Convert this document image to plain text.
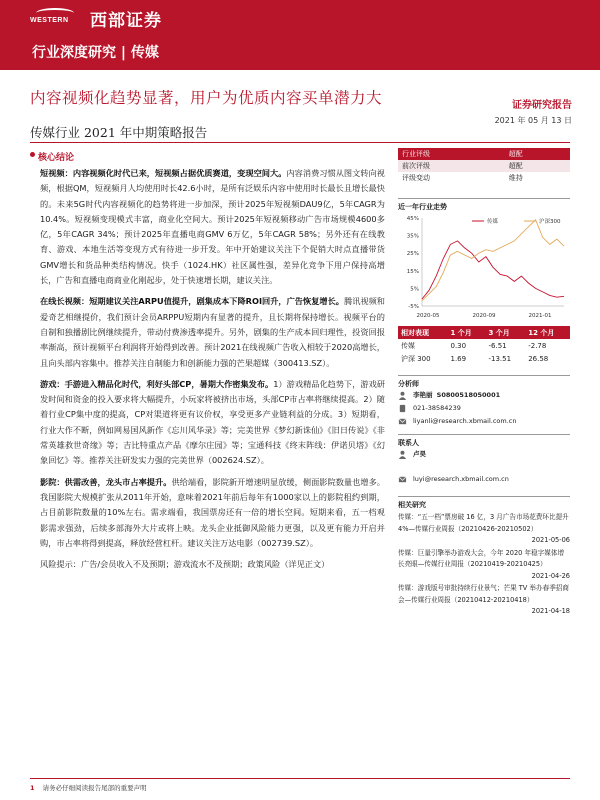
WESTERN 西部证券
行业深度研究 | 传媒
内容视频化趋势显著，用户为优质内容买单潜力大	证券研究报告
2021 年 05 月 13 日
传媒行业 2021 年中期策略报告
核心结论

短视频：内容视频化时代已来，短视频占据优质赛道，变现空间大。内容消费习惯从图文转向视频，根据QM，短视频月人均使用时长42.6小时，是所有泛娱乐内容中使用时长最长且增长最快的。未来5G时代内容视频化的趋势将进一步加深，预计2025年短视频DAU9亿，5年CAGR为10.4%。短视频变现模式丰富，商业化空间大。预计2025年短视频移动广告市场规模4600多亿，5年CAGR 34%；预计2025年直播电商GMV 6万亿，5年CAGR 58%；另外还有在线教育、游戏、本地生活等变现方式有待进一步开发。年中开始建议关注下个促销大时点直播带货GMV增长和货品种类结构情况。快手（1024.HK）社区属性强，差异化竞争下用户保持高增长，广告和直播电商商业化刚起步，处于快速增长期，建议关注。

在线长视频：短期建议关注ARPU值提升，剧集成本下降ROI回升，广告恢复增长。腾讯视频和爱奇艺相继提价，我们预计会员ARPPU短期内有显著的提升，且长期将保持增长。视频平台的自制和独播剧比例继续提升，带动付费渗透率提升。另外，剧集的生产成本回归理性，投资回报率渐高，预计视频平台利润将开始得到改善。预计2021在线视频广告收入相较于2020高增长，且向头部内容集中。推荐关注自制能力和创新能力强的芒果超媒（300413.SZ）。

游戏：手游进入精品化时代，利好头部CP，暑期大作密集发布。1）游戏精品化趋势下，游戏研发时间和资金的投入要求将大幅提升，小玩家将被挤出市场，头部CP市占率将继续提高。2）随着行业CP集中度的提高，CP对渠道将更有议价权，享受更多产业链利益的分成。3）短期看，行业大作不断，例如网易国风新作《忘川风华录》等；完美世界《梦幻新诛仙》《旧日传说》《非常英雄救世奇缘》等；吉比特重点产品《摩尔庄园》等；宝通科技《终末阵线：伊诺贝塔》《幻象回忆》等。推荐关注研发实力强的完美世界（002624.SZ）。

影院：供需改善，龙头市占率提升。供给端看，影院新开增速明显放缓，侧面影院数量也增多。我国影院大规模扩张从2011年开始，意味着2021年前后每年有1000家以上的影院租约到期，占目前影院数量的10%左右。需求端看，我国票房还有一倍的增长空间。短期来看，五一档观影需求强劲，后续多部海外大片或将上映。龙头企业抵御风险能力更强，以及更有能力开启并购，市占率将得到提高，释放经营杠杆。建议关注万达电影（002739.SZ）。

风险提示：广告/会员收入不及预期；游戏流水不及预期；政策风险（详见正文）

行业评级	超配
前次评级	超配
评级变动	维持
近一年行业走势
-5%
5%
15%
25%
35%
45%
2020-05	2020-09	2021-01
传媒	沪深300
相对表现	1 个月	3 个月	12 个月
传媒	0.30	-6.51	-2.78
沪深 300	1.69	-13.51	26.58
分析师
李艳丽
S0800518050001
021-38584239
liyanli@research.xbmail.com.cn
联系人
卢昊
luyi@research.xbmail.com.cn
相关研究
传媒：“五一档”票房破 16 亿，3 月广告市场花费环比提升 4%—传媒行业周报（20210426-20210502）
2021-05-06
传媒：巨量引擎举办游戏大会，今年 2020 年稳字媒体增长亮眼—传媒行业周报（20210419-20210425）
2021-04-26
传媒：游戏版号审批持续行业景气；芒果 TV 举办春季招商会—传媒行业周报（20210412-20210418）
2021-04-18
1 请务必仔细阅读报告尾部的重要声明
